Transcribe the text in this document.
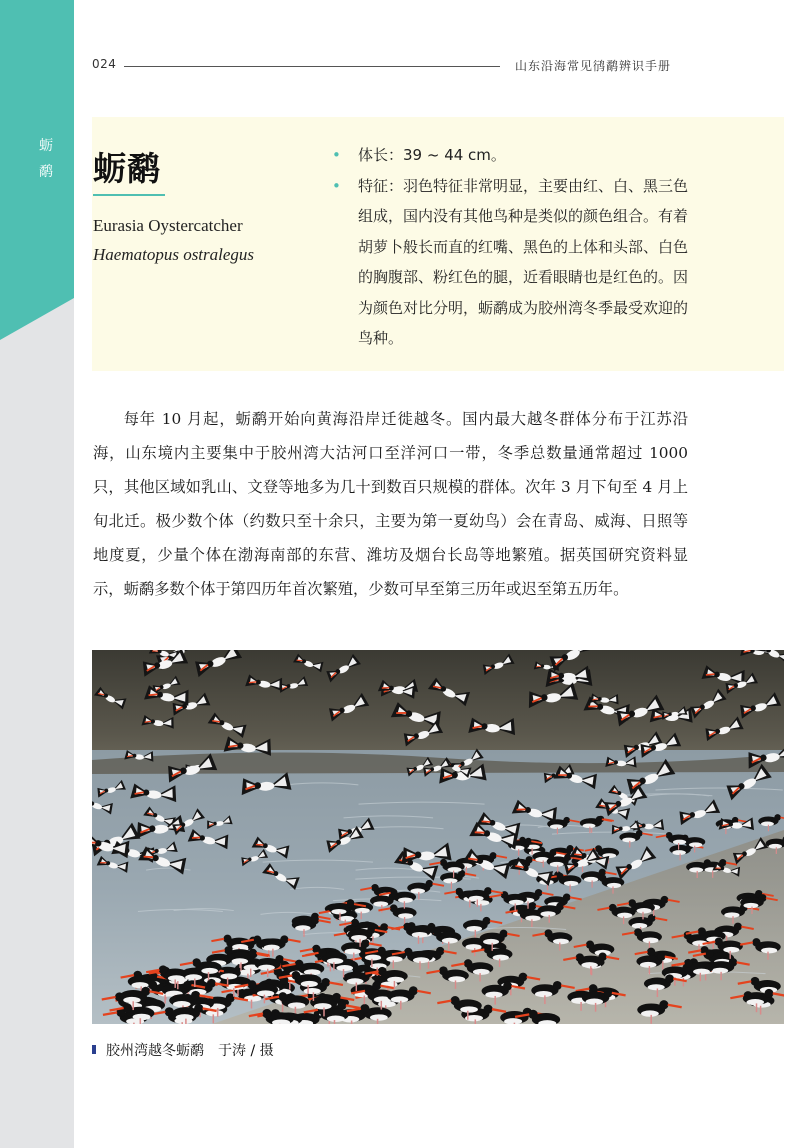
蛎
鹬
024	山东沿海常见鸻鹬辨识手册
蛎鹬
Eurasia Oystercatcher
Haematopus ostralegus
• 体长：39 ~ 44 cm。
• 特征：羽色特征非常明显，主要由红、白、黑三色组成，国内没有其他鸟种是类似的颜色组合。有着胡萝卜般长而直的红嘴、黑色的上体和头部、白色的胸腹部、粉红色的腿，近看眼睛也是红色的。因为颜色对比分明，蛎鹬成为胶州湾冬季最受欢迎的鸟种。

每年 10 月起，蛎鹬开始向黄海沿岸迁徙越冬。国内最大越冬群体分布于江苏沿海，山东境内主要集中于胶州湾大沽河口至洋河口一带，冬季总数量通常超过 1000 只，其他区域如乳山、文登等地多为几十到数百只规模的群体。次年 3 月下旬至 4 月上旬北迁。极少数个体（约数只至十余只，主要为第一夏幼鸟）会在青岛、威海、日照等地度夏，少量个体在渤海南部的东营、潍坊及烟台长岛等地繁殖。据英国研究资料显示，蛎鹬多数个体于第四历年首次繁殖，少数可早至第三历年或迟至第五历年。

胶州湾越冬蛎鹬 于涛 / 摄
